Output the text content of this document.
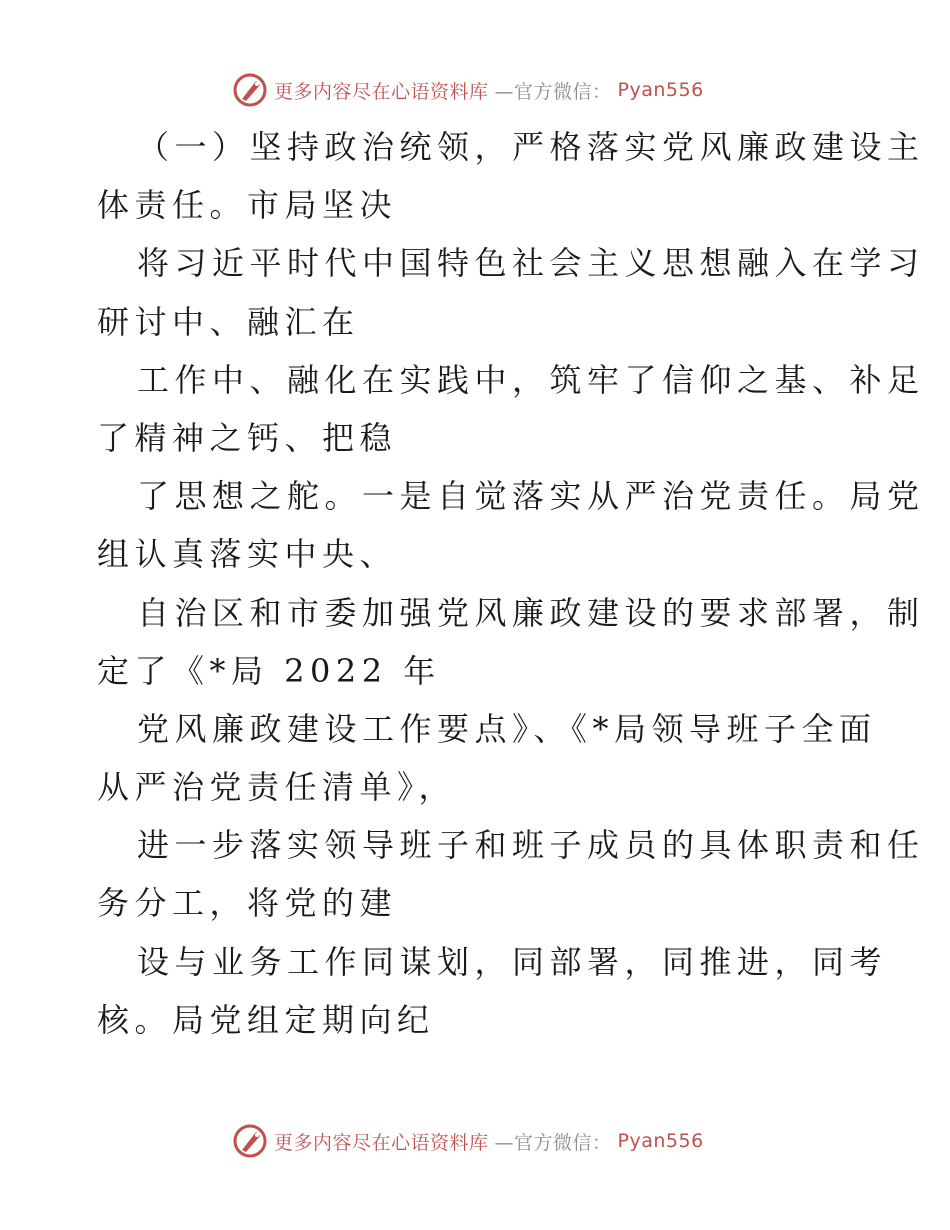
更多内容尽在心语资料库 —官方微信： Pyan556
（一）坚持政治统领，严格落实党风廉政建设主
体责任。市局坚决
将习近平时代中国特色社会主义思想融入在学习
研讨中、融汇在
工作中、融化在实践中，筑牢了信仰之基、补足
了精神之钙、把稳
了思想之舵。一是自觉落实从严治党责任。局党
组认真落实中央、
自治区和市委加强党风廉政建设的要求部署，制
定了《*局 2022 年
党风廉政建设工作要点》、《*局领导班子全面
从严治党责任清单》，
进一步落实领导班子和班子成员的具体职责和任
务分工，将党的建
设与业务工作同谋划，同部署，同推进，同考
核。局党组定期向纪
更多内容尽在心语资料库 —官方微信： Pyan556
